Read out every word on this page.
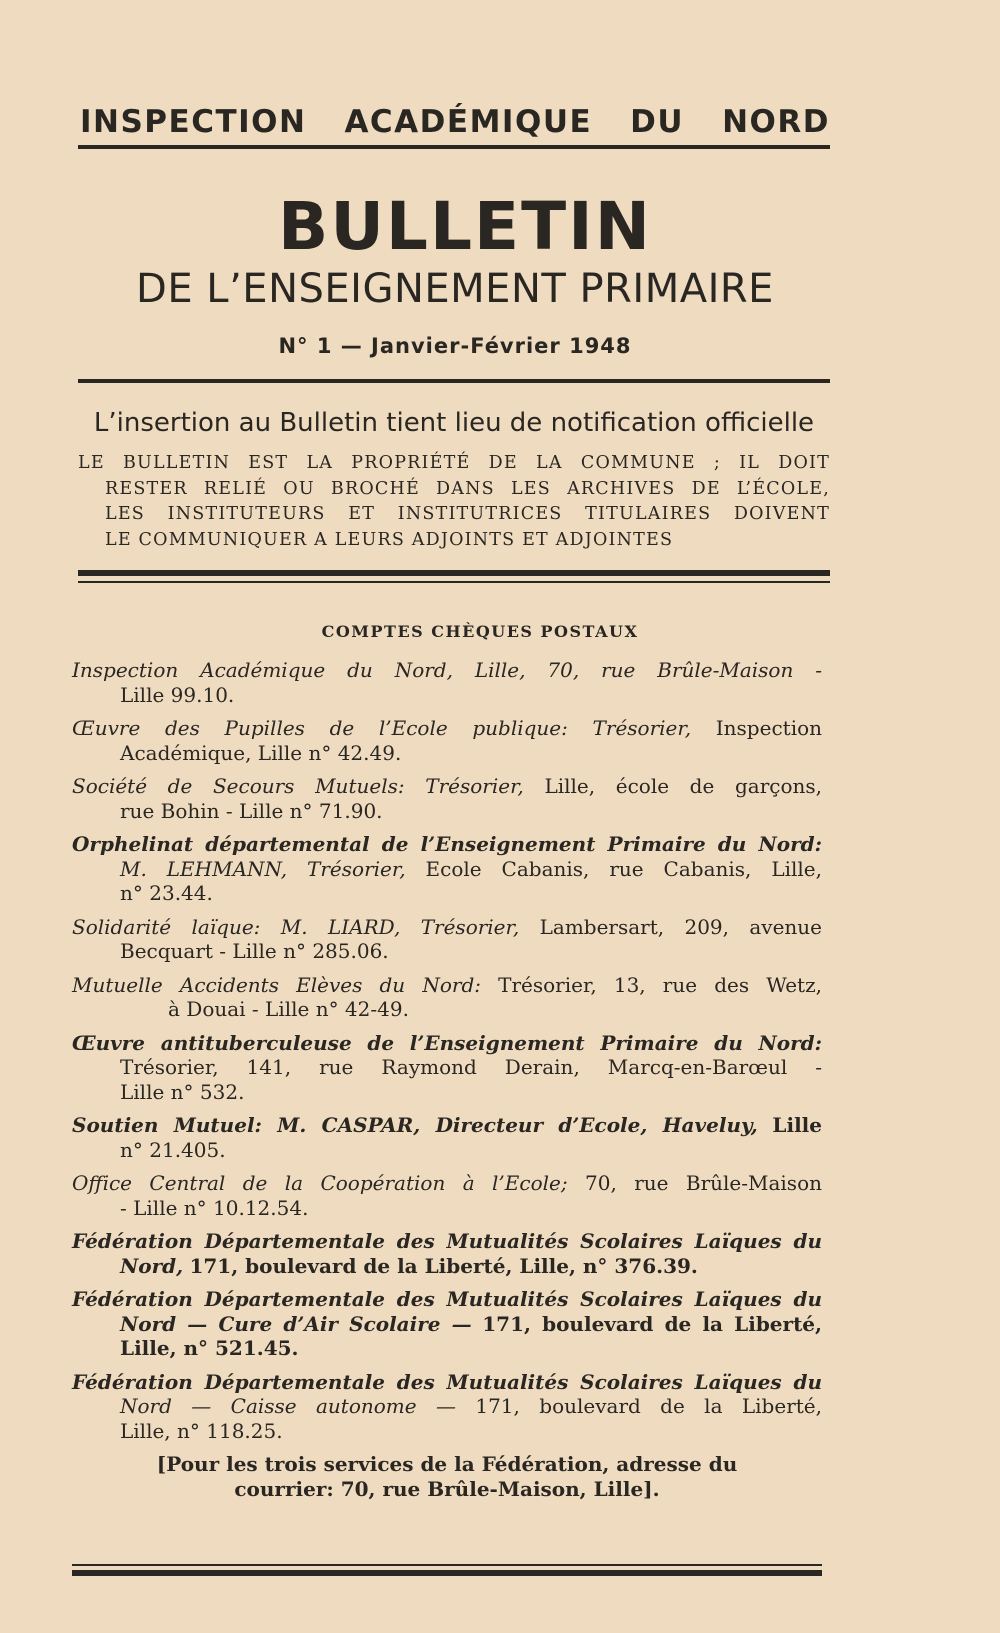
INSPECTION ACADÉMIQUE DU NORD
BULLETIN
DE L’ENSEIGNEMENT PRIMAIRE
N° 1 — Janvier-Février 1948
L’insertion au Bulletin tient lieu de notification officielle
LE BULLETIN EST LA PROPRIÉTÉ DE LA COMMUNE ; IL DOIT
RESTER RELIÉ OU BROCHÉ DANS LES ARCHIVES DE L’ÉCOLE,
LES INSTITUTEURS ET INSTITUTRICES TITULAIRES DOIVENT
LE COMMUNIQUER A LEURS ADJOINTS ET ADJOINTES
COMPTES CHÈQUES POSTAUX
Inspection Académique du Nord, Lille, 70, rue Brûle-Maison -
Lille 99.10.
Œuvre des Pupilles de l’Ecole publique: Trésorier, Inspection
Académique, Lille n° 42.49.
Société de Secours Mutuels: Trésorier, Lille, école de garçons,
rue Bohin - Lille n° 71.90.
Orphelinat départemental de l’Enseignement Primaire du Nord:
M. LEHMANN, Trésorier, Ecole Cabanis, rue Cabanis, Lille,
n° 23.44.
Solidarité laïque: M. LIARD, Trésorier, Lambersart, 209, avenue
Becquart - Lille n° 285.06.
Mutuelle Accidents Elèves du Nord: Trésorier, 13, rue des Wetz,
à Douai - Lille n° 42-49.
Œuvre antituberculeuse de l’Enseignement Primaire du Nord:
Trésorier, 141, rue Raymond Derain, Marcq-en-Barœul -
Lille n° 532.
Soutien Mutuel: M. CASPAR, Directeur d’Ecole, Haveluy, Lille
n° 21.405.
Office Central de la Coopération à l’Ecole; 70, rue Brûle-Maison
- Lille n° 10.12.54.
Fédération Départementale des Mutualités Scolaires Laïques du
Nord, 171, boulevard de la Liberté, Lille, n° 376.39.
Fédération Départementale des Mutualités Scolaires Laïques du
Nord — Cure d’Air Scolaire — 171, boulevard de la Liberté,
Lille, n° 521.45.
Fédération Départementale des Mutualités Scolaires Laïques du
Nord — Caisse autonome — 171, boulevard de la Liberté,
Lille, n° 118.25.
[Pour les trois services de la Fédération, adresse du
courrier: 70, rue Brûle-Maison, Lille].
